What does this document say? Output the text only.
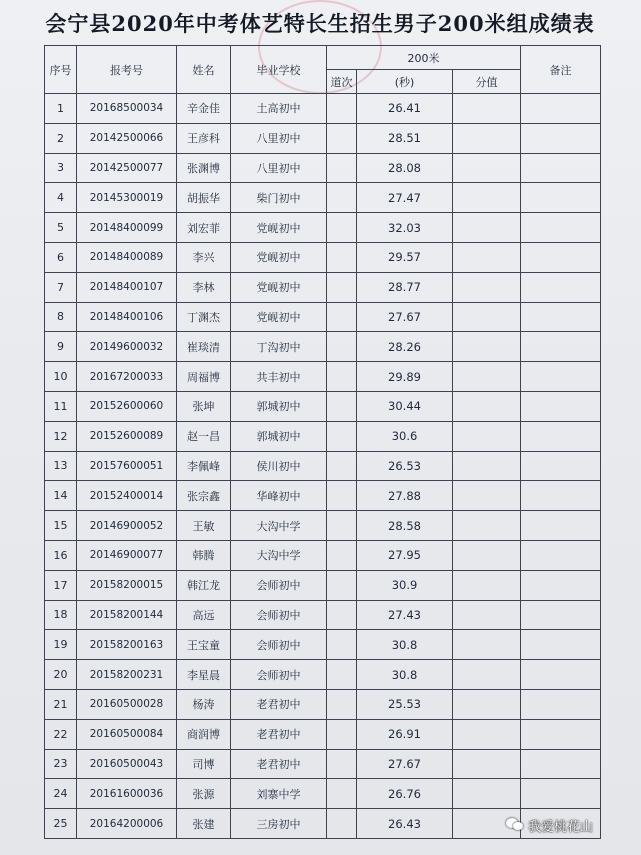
会宁县2020年中考体艺特长生招生男子200米组成绩表
序号	报考号	姓名	毕业学校	200米			备注
				道次	(秒)	分值	
1	20168500034	辛金佳	土高初中		26.41		
2	20142500066	王彦科	八里初中		28.51		
3	20142500077	张渊博	八里初中		28.08		
4	20145300019	胡振华	柴门初中		27.47		
5	20148400099	刘宏菲	党岘初中		32.03		
6	20148400089	李兴	党岘初中		29.57		
7	20148400107	李林	党岘初中		28.77		
8	20148400106	丁渊杰	党岘初中		27.67		
9	20149600032	崔琰清	丁沟初中		28.26		
10	20167200033	周福博	共丰初中		29.89		
11	20152600060	张坤	郭城初中		30.44		
12	20152600089	赵一昌	郭城初中		30.6		
13	20157600051	李佩峰	侯川初中		26.53		
14	20152400014	张宗鑫	华峰初中		27.88		
15	20146900052	王敏	大沟中学		28.58		
16	20146900077	韩腾	大沟中学		27.95		
17	20158200015	韩江龙	会师初中		30.9		
18	20158200144	高远	会师初中		27.43		
19	20158200163	王宝童	会师初中		30.8		
20	20158200231	李星晨	会师初中		30.8		
21	20160500028	杨涛	老君初中		25.53		
22	20160500084	商润博	老君初中		26.91		
23	20160500043	司博	老君初中		27.67		
24	20161600036	张源	刘寨中学		26.76		
25	20164200006	张建	三房初中		26.43			我爱桃花山
